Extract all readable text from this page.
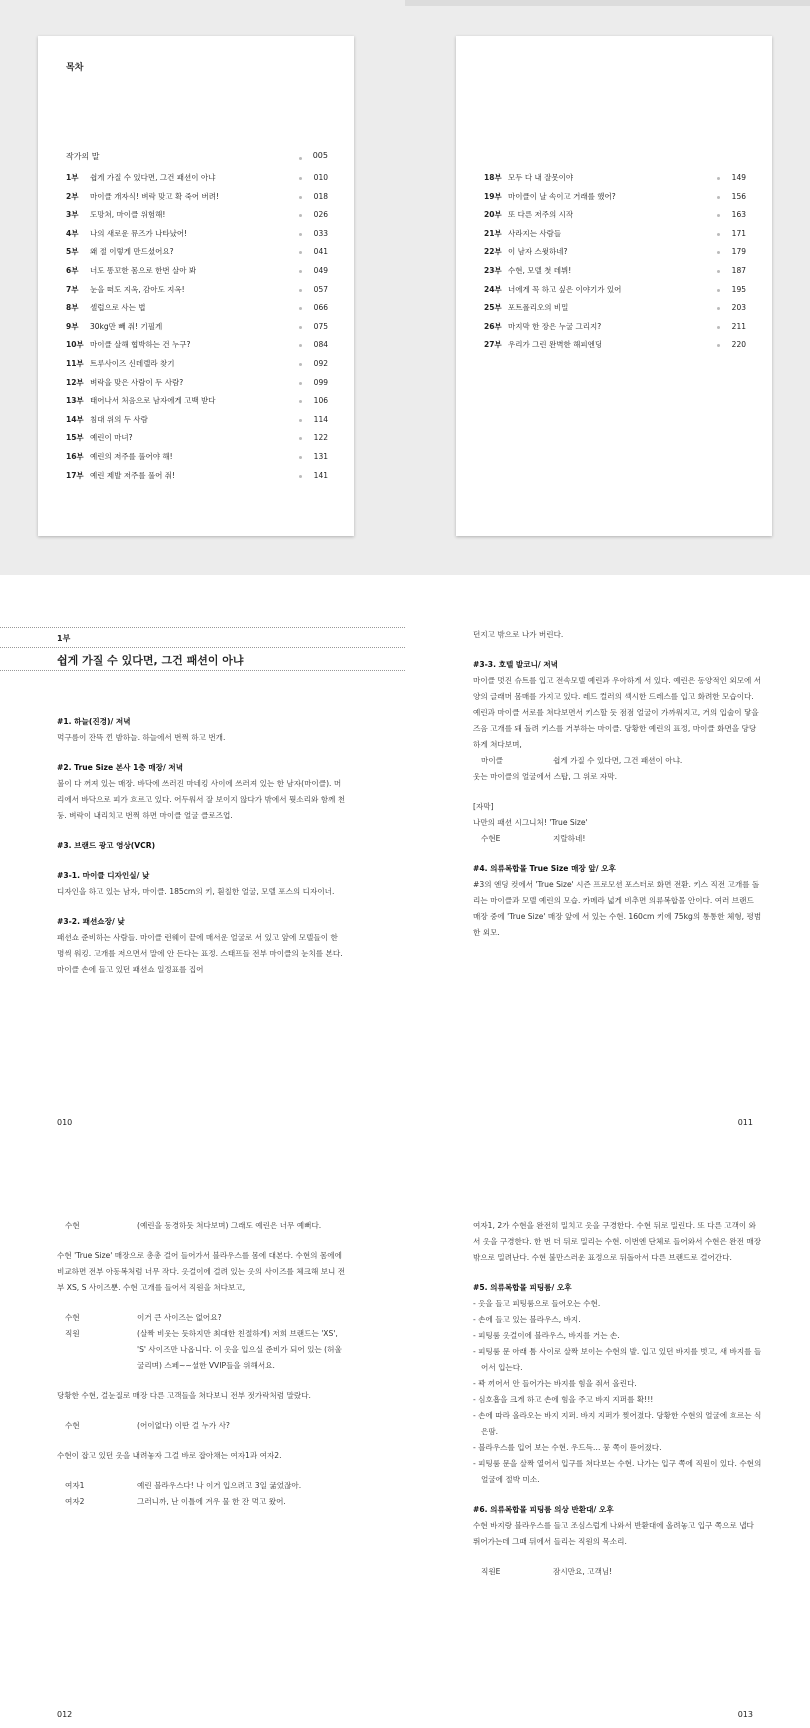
목차
작가의 말	005
1부	쉽게 가질 수 있다면, 그건 패션이 아냐	010
2부	마이클 개자식! 벼락 맞고 확 죽어 버려!	018
3부	도망쳐, 마이클 위험해!	026
4부	나의 새로운 뮤즈가 나타났어!	033
5부	왜 절 이렇게 만드셨어요?	041
6부	너도 똥꼬한 몸으로 한번 살아 봐	049
7부	눈을 떠도 지옥, 감아도 지옥!	057
8부	셀럽으로 사는 법	066
9부	30kg만 빼 줘! 기필게	075
10부 마이클 살해 협박하는 건 누구?	084
11부 트루사이즈 신데렐라 찾기	092
12부 벼락을 맞은 사람이 두 사람?	099
13부 태어나서 처음으로 남자에게 고백 받다	106
14부 침대 위의 두 사람	114
15부 예린이 마녀?	122
16부 예린의 저주를 풀어야 해!	131
17부 예린 제발 저주를 풀어 줘!	141
18부 모두 다 내 잘못이야	149
19부 마이클이 날 속이고 거래를 했어?	156
20부 또 다른 저주의 시작	163
21부 사라지는 사람들	171
22부 이 남자 스윗하네?	179
23부 수현, 모델 첫 데뷔!	187
24부 너에게 꼭 하고 싶은 이야기가 있어	195
25부 포트폴리오의 비밀	203
26부 마지막 한 장은 누굴 그리지?	211
27부 우리가 그린 완벽한 해피엔딩	220
1부
쉽게 가질 수 있다면, 그건 패션이 아냐
#1. 하늘(진경)/ 저녁

먹구름이 잔뜩 낀 밤하늘. 하늘에서 번쩍 하고 번개.

#2. True Size 본사 1층 매장/ 저녁

불이 다 꺼져 있는 매장. 바닥에 쓰러진 마네킹 사이에 쓰러져 있는 한 남자(마이클). 머리에서 바닥으로 피가 흐르고 있다. 어두워서 잘 보이지 않다가 밖에서 뭣소리와 함께 천둥. 벼락이 내리치고 번쩍 하면 마이클 얼굴 클로즈업.

#3. 브랜드 광고 영상(VCR)
#3-1. 마이클 디자인실/ 낮

디자인을 하고 있는 남자, 마이클. 185cm의 키, 훤칠한 얼굴, 모델 포스의 디자이너.

#3-2. 패션쇼장/ 낮

패션쇼 준비하는 사람들. 마이클 런웨이 끝에 매서운 얼굴로 서 있고 앞에 모델들이 한 명씩 워킹. 고개를 저으면서 말에 안 든다는 표정. 스태프들 전부 마이클의 눈치를 본다. 마이클 손에 들고 있던 패션쇼 일정표를 집어

던지고 밖으로 나가 버린다.

#3-3. 호텔 발코니/ 저녁

마이클 멋진 슈트를 입고 전속모델 예린과 우아하게 서 있다. 예린은 동양적인 외모에 서양의 글래머 몸매를 가지고 있다. 레드 컬러의 섹시한 드레스를 입고 화려한 모습이다. 예린과 마이클 서로를 쳐다보면서 키스할 듯 점점 얼굴이 가까워지고, 거의 입술이 닿을 즈음 고개를 돼 돌려 키스를 거부하는 마이클. 당황한 예린의 표정, 마이클 화면을 당당하게 쳐다보며,

마이클	쉽게 가질 수 있다면, 그건 패션이 아냐.

웃는 마이클의 얼굴에서 스탑, 그 위로 자막.

[자막]

나만의 패션 시그니처! 'True Size'

수현E	지랄하네!

#4. 의류복합몰 True Size 매장 앞/ 오후

#3의 엔딩 컷에서 'True Size' 시즌 프로모션 포스터로 화면 전환. 키스 직전 고개를 돌리는 마이클과 모델 예린의 모습. 카메라 넓게 비추면 의류복합몰 안이다. 여러 브랜드 매장 중에 'True Size' 매장 앞에 서 있는 수현. 160cm 키에 75kg의 통통한 체형, 평범한 외모.

010	011

수현	(예린을 동경하듯 쳐다보며) 그래도 예린은 너무 예뻐다.

수현 'True Size' 매장으로 총총 걸어 들어가서 블라우스를 몸에 대본다. 수현의 몸에에 비교하면 전부 아동복처럼 너무 작다. 옷걸이에 걸려 있는 옷의 사이즈를 체크해 보니 전부 XS, S 사이즈뿐. 수현 고개를 들어서 직원을 쳐다보고,

수현	이거 큰 사이즈는 없어요?

직원	(살짝 비웃는 듯하지만 최대한 친절하게) 저희 브랜드는 'XS', 'S' 사이즈만 나옵니다. 이 옷을 입으실 준비가 되어 있는 (허울 굴리며) 스페~~셜한 VVIP들을 위해서요.

당황한 수현, 걸눈질로 매장 다른 고객들을 쳐다보니 전부 젓가락처럼 말랐다.

수현	(어이없다) 이딴 걸 누가 사?

수현이 잡고 있던 옷을 내려놓자 그걸 바로 잡아채는 여자1과 여자2.

여자1	예린 블라우스다! 나 이거 입으려고 3일 굶었잖아.

여자2	그러니까, 난 이틀에 겨우 물 한 잔 먹고 왔어.

여자1, 2가 수현을 완전히 밀치고 옷을 구경한다. 수현 뒤로 밀린다. 또 다른 고객이 와서 옷을 구경한다. 한 번 더 뒤로 밀리는 수현. 이번엔 단체로 들어와서 수현은 완전 매장 밖으로 밀려난다. 수현 불만스러운 표정으로 뒤돌아서 다른 브랜드로 걸어간다.

#5. 의류복합몰 피팅룸/ 오후

- 옷을 들고 피팅룸으로 들어오는 수현.

- 손에 들고 있는 블라우스, 바지.

- 피팅룸 옷걸이에 블라우스, 바지를 거는 손.

- 피팅룸 문 아래 틈 사이로 살짝 보이는 수현의 발. 입고 있던 바지를 벗고, 새 바지를 들어서 입는다.

- 꽉 끼어서 안 들어가는 바지를 힘을 줘서 올린다.

- 심호흡을 크게 하고 손에 힘을 주고 바지 지퍼를 확!!!

- 손에 따라 올라오는 바지 지퍼. 바지 지퍼가 찢어졌다. 당황한 수현의 얼굴에 흐르는 식은땀.

- 블라우스를 입어 보는 수현. 우드득… 뭉 쪽이 뜯어졌다.

- 피팅룸 문을 살짝 열어서 입구를 쳐다보는 수현. 나가는 입구 쪽에 직원이 있다. 수현의 얼굴에 절박 미소.

#6. 의류복합몰 피팅룸 의상 반환대/ 오후

수현 바지랑 블라우스를 들고 조심스럽게 나와서 반환대에 올려놓고 입구 쪽으로 냅다 뛰어가는데 그때 뒤에서 들리는 직원의 목소리.

직원E	잠시만요, 고객님!

012	013
